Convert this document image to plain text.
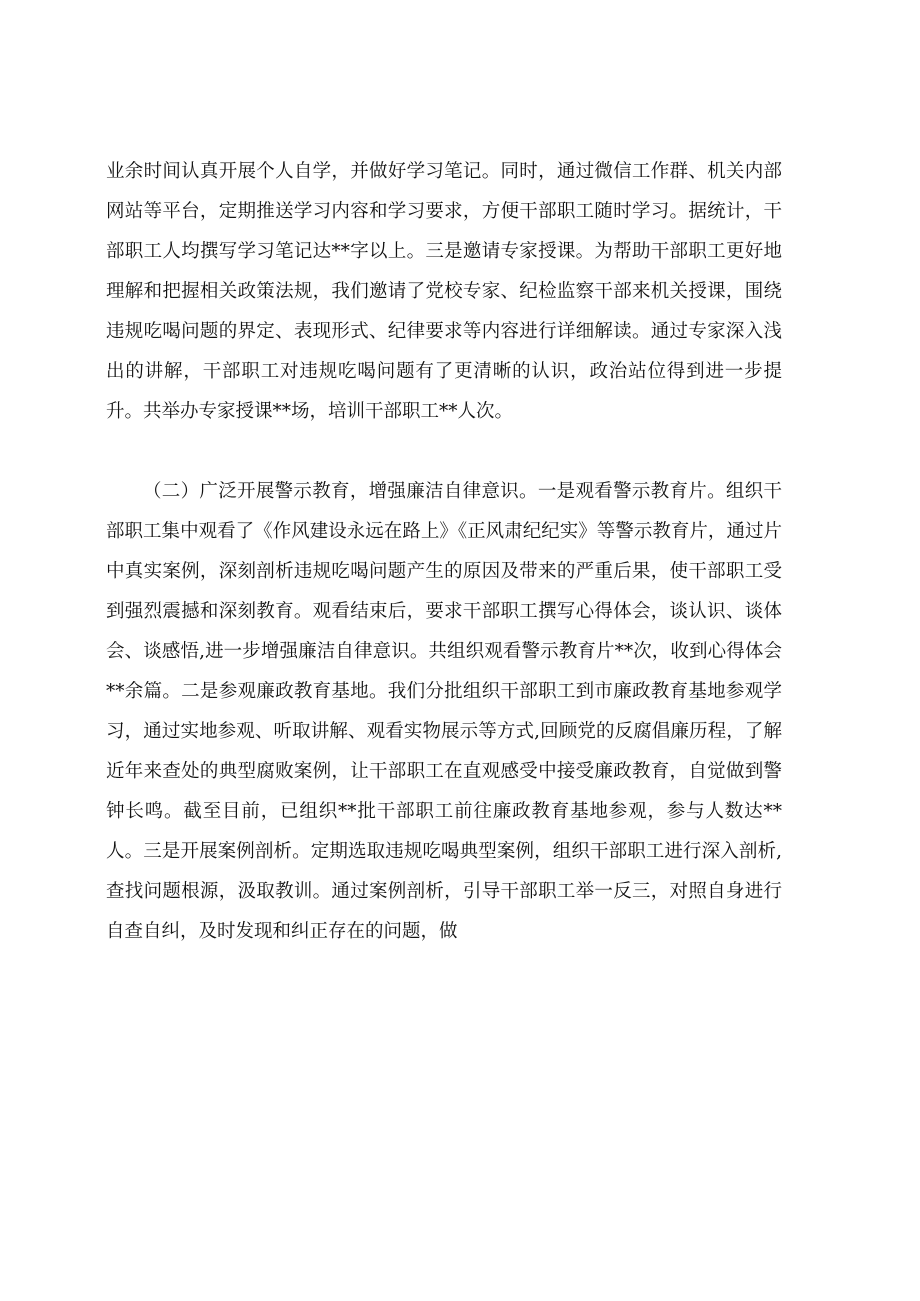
业余时间认真开展个人自学，并做好学习笔记。同时，通过微信工作群、机关内部网站等平台，定期推送学习内容和学习要求，方便干部职工随时学习。据统计，干部职工人均撰写学习笔记达**字以上。三是邀请专家授课。为帮助干部职工更好地理解和把握相关政策法规，我们邀请了党校专家、纪检监察干部来机关授课，围绕违规吃喝问题的界定、表现形式、纪律要求等内容进行详细解读。通过专家深入浅出的讲解，干部职工对违规吃喝问题有了更清晰的认识，政治站位得到进一步提升。共举办专家授课**场，培训干部职工**人次。

（二）广泛开展警示教育，增强廉洁自律意识。一是观看警示教育片。组织干部职工集中观看了《作风建设永远在路上》《正风肃纪纪实》等警示教育片，通过片中真实案例，深刻剖析违规吃喝问题产生的原因及带来的严重后果，使干部职工受到强烈震撼和深刻教育。观看结束后，要求干部职工撰写心得体会，谈认识、谈体会、谈感悟,进一步增强廉洁自律意识。共组织观看警示教育片**次，收到心得体会**余篇。二是参观廉政教育基地。我们分批组织干部职工到市廉政教育基地参观学习，通过实地参观、听取讲解、观看实物展示等方式,回顾党的反腐倡廉历程，了解近年来查处的典型腐败案例，让干部职工在直观感受中接受廉政教育，自觉做到警钟长鸣。截至目前，已组织**批干部职工前往廉政教育基地参观，参与人数达**人。三是开展案例剖析。定期选取违规吃喝典型案例，组织干部职工进行深入剖析,查找问题根源，汲取教训。通过案例剖析，引导干部职工举一反三，对照自身进行自查自纠，及时发现和纠正存在的问题，做
